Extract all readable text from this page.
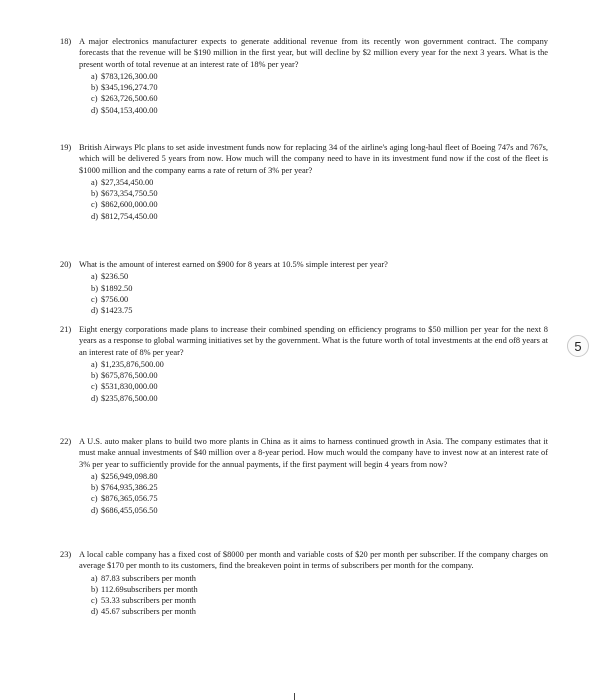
18) A major electronics manufacturer expects to generate additional revenue from its recently won government contract. The company forecasts that the revenue will be $190 million in the first year, but will decline by $2 million every year for the next 3 years. What is the present worth of total revenue at an interest rate of 18% per year?
a) $783,126,300.00
b) $345,196,274.70
c) $263,726,500.60
d) $504,153,400.00
19) British Airways Plc plans to set aside investment funds now for replacing 34 of the airline's aging long-haul fleet of Boeing 747s and 767s, which will be delivered 5 years from now. How much will the company need to have in its investment fund now if the cost of the fleet is $1000 million and the company earns a rate of return of 3% per year?
a) $27,354,450.00
b) $673,354,750.50
c) $862,600,000.00
d) $812,754,450.00
20) What is the amount of interest earned on $900 for 8 years at 10.5% simple interest per year?
a) $236.50
b) $1892.50
c) $756.00
d) $1423.75
21) Eight energy corporations made plans to increase their combined spending on efficiency programs to $50 million per year for the next 8 years as a response to global warming initiatives set by the government. What is the future worth of total investments at the end of8 years at an interest rate of 8% per year?
a) $1,235,876,500.00
b) $675,876,500.00
c) $531,830,000.00
d) $235,876,500.00
22) A U.S. auto maker plans to build two more plants in China as it aims to harness continued growth in Asia. The company estimates that it must make annual investments of $40 million over a 8-year period. How much would the company have to invest now at an interest rate of 3% per year to sufficiently provide for the annual payments, if the first payment will begin 4 years from now?
a) $256,949,098.80
b) $764,935,386.25
c) $876,365,056.75
d) $686,455,056.50
23) A local cable company has a fixed cost of $8000 per month and variable costs of $20 per month per subscriber. If the company charges on average $170 per month to its customers, find the breakeven point in terms of subscribers per month for the company.
a) 87.83 subscribers per month
b) 112.69subscribers per month
c) 53.33 subscribers per month
d) 45.67 subscribers per month
5
